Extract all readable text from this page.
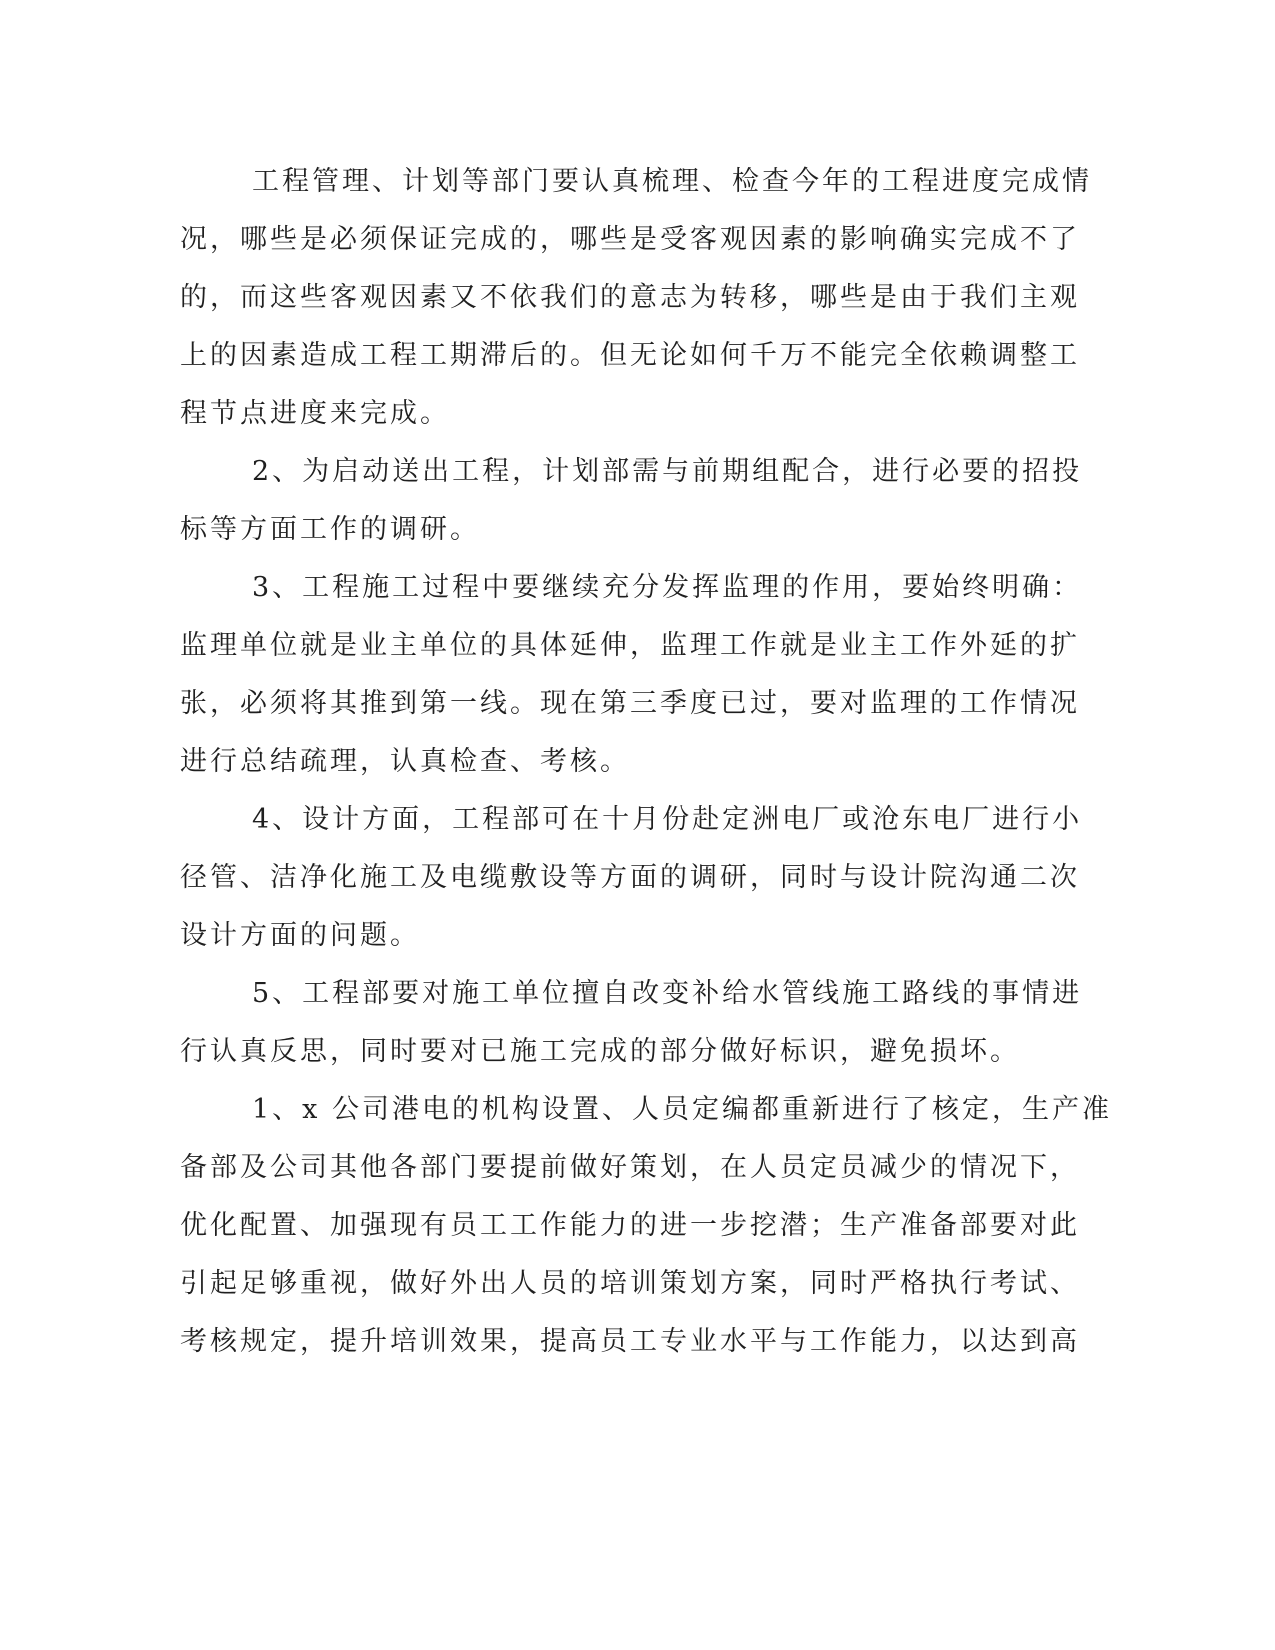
工程管理、计划等部门要认真梳理、检查今年的工程进度完成情
况，哪些是必须保证完成的，哪些是受客观因素的影响确实完成不了
的，而这些客观因素又不依我们的意志为转移，哪些是由于我们主观
上的因素造成工程工期滞后的。但无论如何千万不能完全依赖调整工
程节点进度来完成。
2、为启动送出工程，计划部需与前期组配合，进行必要的招投
标等方面工作的调研。
3、工程施工过程中要继续充分发挥监理的作用，要始终明确：
监理单位就是业主单位的具体延伸，监理工作就是业主工作外延的扩
张，必须将其推到第一线。现在第三季度已过，要对监理的工作情况
进行总结疏理，认真检查、考核。
4、设计方面，工程部可在十月份赴定洲电厂或沧东电厂进行小
径管、洁净化施工及电缆敷设等方面的调研，同时与设计院沟通二次
设计方面的问题。
5、工程部要对施工单位擅自改变补给水管线施工路线的事情进
行认真反思，同时要对已施工完成的部分做好标识，避免损坏。
1、x 公司港电的机构设置、人员定编都重新进行了核定，生产准
备部及公司其他各部门要提前做好策划，在人员定员减少的情况下，
优化配置、加强现有员工工作能力的进一步挖潜；生产准备部要对此
引起足够重视，做好外出人员的培训策划方案，同时严格执行考试、
考核规定，提升培训效果，提高员工专业水平与工作能力，以达到高
